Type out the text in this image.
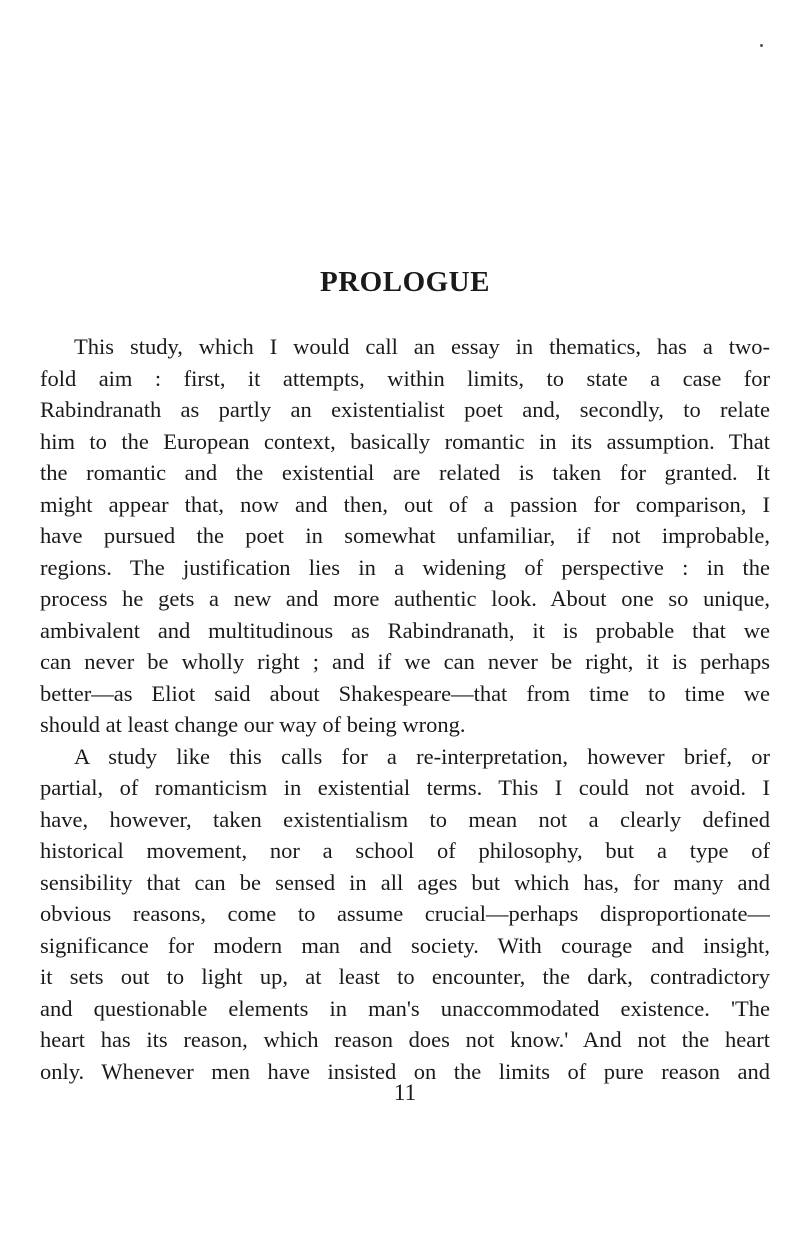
PROLOGUE
This study, which I would call an essay in thematics, has a two-
fold aim : first, it attempts, within limits, to state a case for
Rabindranath as partly an existentialist poet and, secondly, to relate
him to the European context, basically romantic in its assumption. That
the romantic and the existential are related is taken for granted. It
might appear that, now and then, out of a passion for comparison, I
have pursued the poet in somewhat unfamiliar, if not improbable,
regions. The justification lies in a widening of perspective : in the
process he gets a new and more authentic look. About one so unique,
ambivalent and multitudinous as Rabindranath, it is probable that we
can never be wholly right ; and if we can never be right, it is perhaps
better—as Eliot said about Shakespeare—that from time to time we
should at least change our way of being wrong.
A study like this calls for a re-interpretation, however brief, or
partial, of romanticism in existential terms. This I could not avoid. I
have, however, taken existentialism to mean not a clearly defined
historical movement, nor a school of philosophy, but a type of
sensibility that can be sensed in all ages but which has, for many and
obvious reasons, come to assume crucial—perhaps disproportionate—
significance for modern man and society. With courage and insight,
it sets out to light up, at least to encounter, the dark, contradictory
and questionable elements in man's unaccommodated existence. 'The
heart has its reason, which reason does not know.' And not the heart
only. Whenever men have insisted on the limits of pure reason and
11
